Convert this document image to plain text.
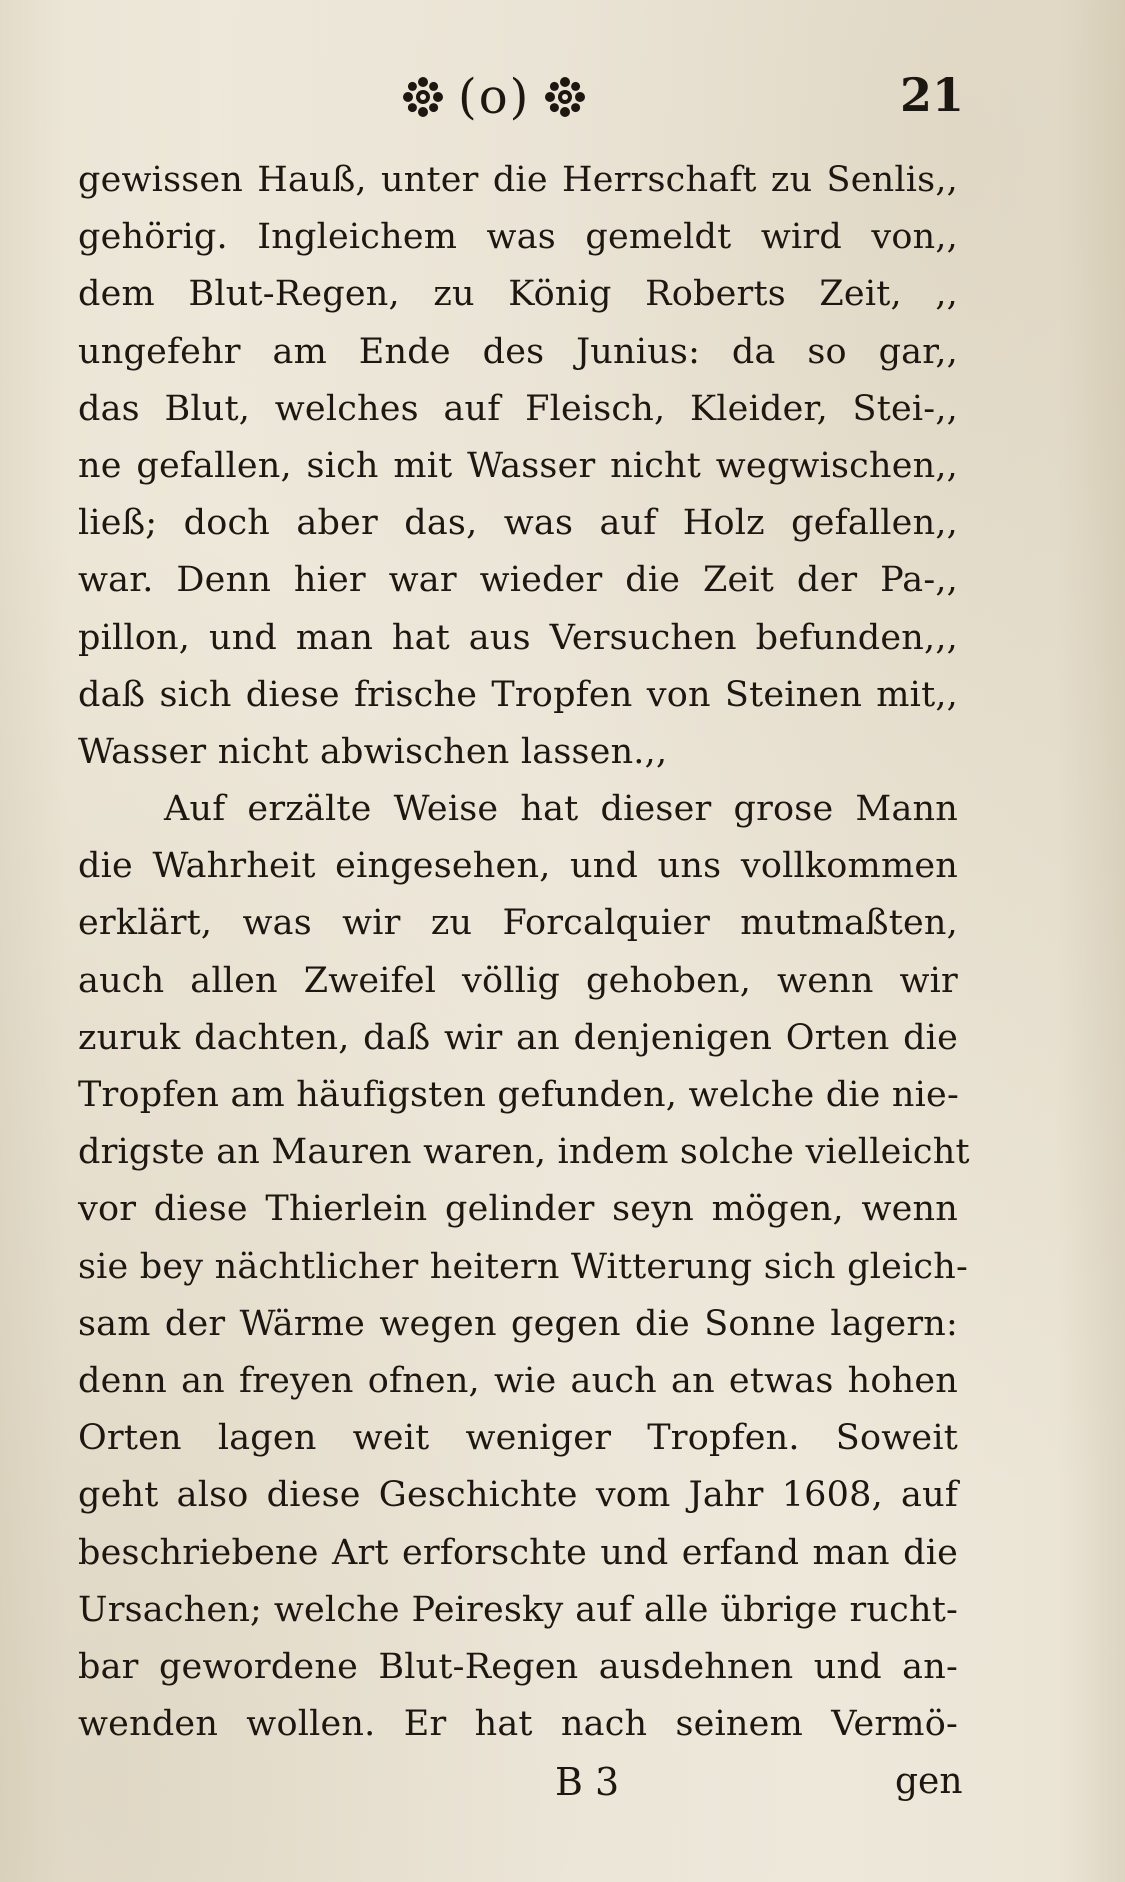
(o)	21
gewissen Hauß, unter die Herrschaft zu Senlis,,
gehörig. Ingleichem was gemeldt wird von,,
dem Blut-Regen, zu König Roberts Zeit, ,,
ungefehr am Ende des Junius: da so gar,,
das Blut, welches auf Fleisch, Kleider, Stei-,,
ne gefallen, sich mit Wasser nicht wegwischen,,
ließ; doch aber das, was auf Holz gefallen,,
war. Denn hier war wieder die Zeit der Pa-,,
pillon, und man hat aus Versuchen befunden,,,
daß sich diese frische Tropfen von Steinen mit,,
Wasser nicht abwischen lassen.,,
Auf erzälte Weise hat dieser grose Mann
die Wahrheit eingesehen, und uns vollkommen
erklärt, was wir zu Forcalquier mutmaßten,
auch allen Zweifel völlig gehoben, wenn wir
zuruk dachten, daß wir an denjenigen Orten die
Tropfen am häufigsten gefunden, welche die nie-
drigste an Mauren waren, indem solche vielleicht
vor diese Thierlein gelinder seyn mögen, wenn
sie bey nächtlicher heitern Witterung sich gleich-
sam der Wärme wegen gegen die Sonne lagern:
denn an freyen ofnen, wie auch an etwas hohen
Orten lagen weit weniger Tropfen. Soweit
geht also diese Geschichte vom Jahr 1608, auf
beschriebene Art erforschte und erfand man die
Ursachen; welche Peiresky auf alle übrige rucht-
bar gewordene Blut-Regen ausdehnen und an-
wenden wollen. Er hat nach seinem Vermö-
B 3	gen
